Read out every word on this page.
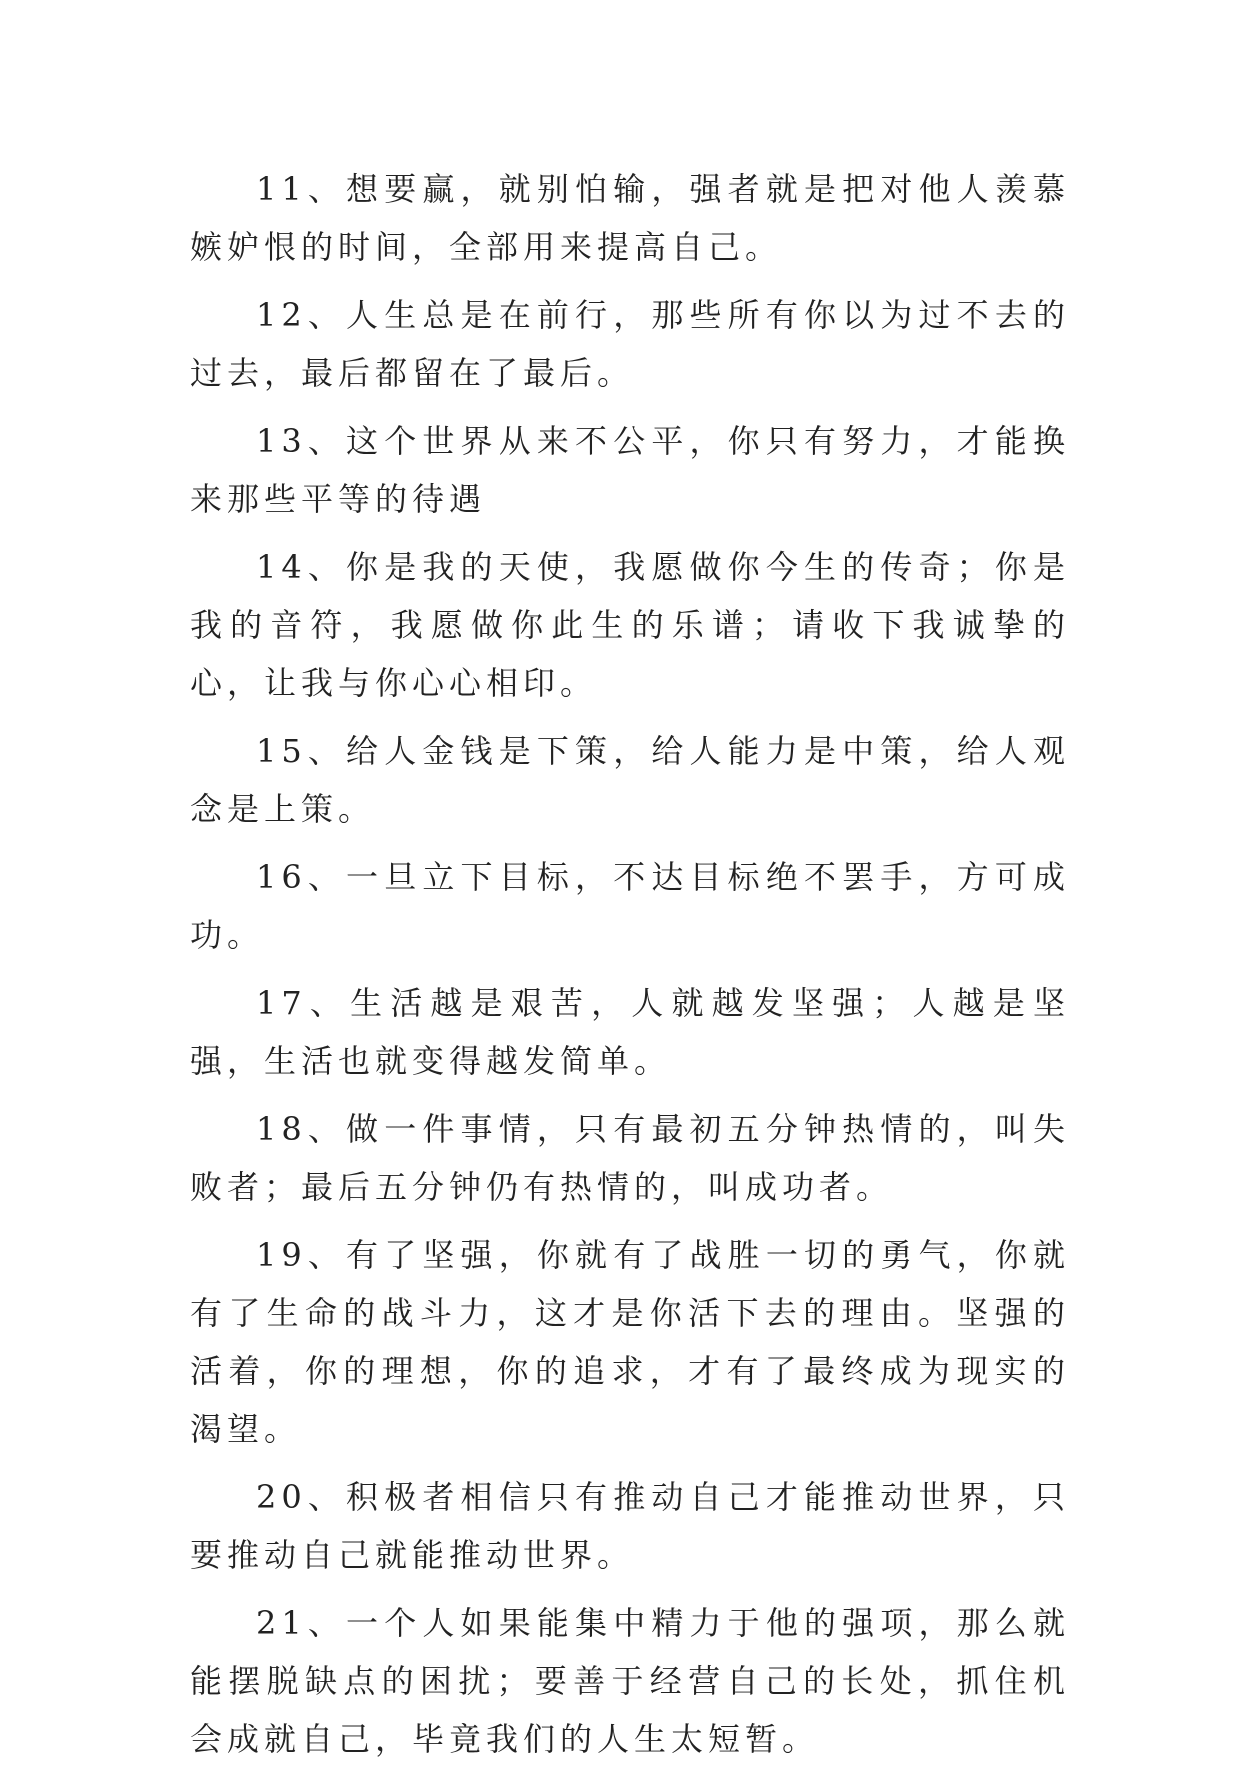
11、想要赢，就别怕输，强者就是把对他人羡慕嫉妒恨的时间，全部用来提高自己。

12、人生总是在前行，那些所有你以为过不去的过去，最后都留在了最后。

13、这个世界从来不公平，你只有努力，才能换来那些平等的待遇

14、你是我的天使，我愿做你今生的传奇；你是我的音符，我愿做你此生的乐谱；请收下我诚挚的心，让我与你心心相印。

15、给人金钱是下策，给人能力是中策，给人观念是上策。

16、一旦立下目标，不达目标绝不罢手，方可成功。

17、生活越是艰苦，人就越发坚强；人越是坚强，生活也就变得越发简单。

18、做一件事情，只有最初五分钟热情的，叫失败者；最后五分钟仍有热情的，叫成功者。

19、有了坚强，你就有了战胜一切的勇气，你就有了生命的战斗力，这才是你活下去的理由。坚强的活着，你的理想，你的追求，才有了最终成为现实的渴望。

20、积极者相信只有推动自己才能推动世界，只要推动自己就能推动世界。

21、一个人如果能集中精力于他的强项，那么就能摆脱缺点的困扰；要善于经营自己的长处，抓住机会成就自己，毕竟我们的人生太短暂。
